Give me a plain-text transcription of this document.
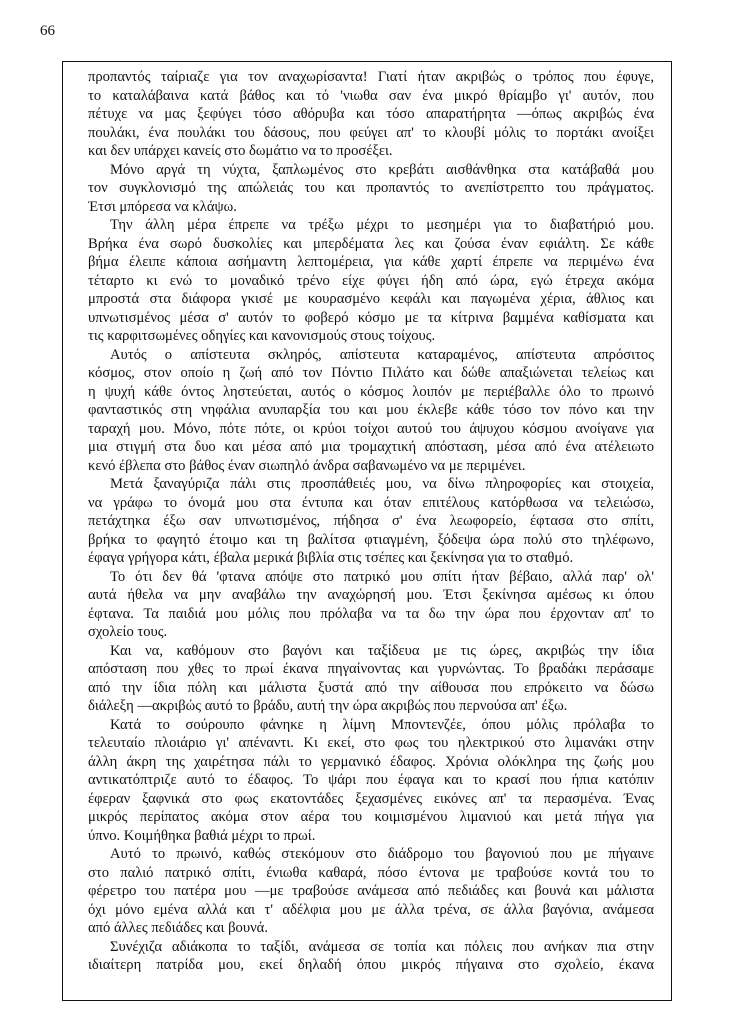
66
προπαντός ταίριαζε για τον αναχωρίσαντα! Γιατί ήταν ακριβώς ο τρόπος που έφυγε,
το καταλάβαινα κατά βάθος και τό 'νιωθα σαν ένα μικρό θρίαμβο γι' αυτόν, που
πέτυχε να μας ξεφύγει τόσο αθόρυβα και τόσο απαρατήρητα —όπως ακριβώς ένα
πουλάκι, ένα πουλάκι του δάσους, που φεύγει απ' το κλουβί μόλις το πορτάκι ανοίξει
και δεν υπάρχει κανείς στο δωμάτιο να το προσέξει.
Μόνο αργά τη νύχτα, ξαπλωμένος στο κρεβάτι αισθάνθηκα στα κατάβαθά μου
τον συγκλονισμό της απώλειάς του και προπαντός το ανεπίστρεπτο του πράγματος.
Έτσι μπόρεσα να κλάψω.
Την άλλη μέρα έπρεπε να τρέξω μέχρι το μεσημέρι για το διαβατήριό μου.
Βρήκα ένα σωρό δυσκολίες και μπερδέματα λες και ζούσα έναν εφιάλτη. Σε κάθε
βήμα έλειπε κάποια ασήμαντη λεπτομέρεια, για κάθε χαρτί έπρεπε να περιμένω ένα
τέταρτο κι ενώ το μοναδικό τρένο είχε φύγει ήδη από ώρα, εγώ έτρεχα ακόμα
μπροστά στα διάφορα γκισέ με κουρασμένο κεφάλι και παγωμένα χέρια, άθλιος και
υπνωτισμένος μέσα σ' αυτόν το φοβερό κόσμο με τα κίτρινα βαμμένα καθίσματα και
τις καρφιτσωμένες οδηγίες και κανονισμούς στους τοίχους.
Αυτός ο απίστευτα σκληρός, απίστευτα καταραμένος, απίστευτα απρόσιτος
κόσμος, στον οποίο η ζωή από τον Πόντιο Πιλάτο και δώθε απαξιώνεται τελείως και
η ψυχή κάθε όντος ληστεύεται, αυτός ο κόσμος λοιπόν με περιέβαλλε όλο το πρωινό
φανταστικός στη νηφάλια ανυπαρξία του και μου έκλεβε κάθε τόσο τον πόνο και την
ταραχή μου. Μόνο, πότε πότε, οι κρύοι τοίχοι αυτού του άψυχου κόσμου ανοίγανε για
μια στιγμή στα δυο και μέσα από μια τρομαχτική απόσταση, μέσα από ένα ατέλειωτο
κενό έβλεπα στο βάθος έναν σιωπηλό άνδρα σαβανωμένο να με περιμένει.
Μετά ξαναγύριζα πάλι στις προσπάθειές μου, να δίνω πληροφορίες και στοιχεία,
να γράφω το όνομά μου στα έντυπα και όταν επιτέλους κατόρθωσα να τελειώσω,
πετάχτηκα έξω σαν υπνωτισμένος, πήδησα σ' ένα λεωφορείο, έφτασα στο σπίτι,
βρήκα το φαγητό έτοιμο και τη βαλίτσα φτιαγμένη, ξόδεψα ώρα πολύ στο τηλέφωνο,
έφαγα γρήγορα κάτι, έβαλα μερικά βιβλία στις τσέπες και ξεκίνησα για το σταθμό.
Το ότι δεν θά 'φτανα απόψε στο πατρικό μου σπίτι ήταν βέβαιο, αλλά παρ' ολ'
αυτά ήθελα να μην αναβάλω την αναχώρησή μου. Έτσι ξεκίνησα αμέσως κι όπου
έφτανα. Τα παιδιά μου μόλις που πρόλαβα να τα δω την ώρα που έρχονταν απ' το
σχολείο τους.
Και να, καθόμουν στο βαγόνι και ταξίδευα με τις ώρες, ακριβώς την ίδια
απόσταση που χθες το πρωί έκανα πηγαίνοντας και γυρνώντας. Το βραδάκι περάσαμε
από την ίδια πόλη και μάλιστα ξυστά από την αίθουσα που επρόκειτο να δώσω
διάλεξη —ακριβώς αυτό το βράδυ, αυτή την ώρα ακριβώς που περνούσα απ' έξω.
Κατά το σούρουπο φάνηκε η λίμνη Μποντενζέε, όπου μόλις πρόλαβα το
τελευταίο πλοιάριο γι' απέναντι. Κι εκεί, στο φως του ηλεκτρικού στο λιμανάκι στην
άλλη άκρη της χαιρέτησα πάλι το γερμανικό έδαφος. Χρόνια ολόκληρα της ζωής μου
αντικατόπτριζε αυτό το έδαφος. Το ψάρι που έφαγα και το κρασί που ήπια κατόπιν
έφεραν ξαφνικά στο φως εκατοντάδες ξεχασμένες εικόνες απ' τα περασμένα. Ένας
μικρός περίπατος ακόμα στον αέρα του κοιμισμένου λιμανιού και μετά πήγα για
ύπνο. Κοιμήθηκα βαθιά μέχρι το πρωί.
Αυτό το πρωινό, καθώς στεκόμουν στο διάδρομο του βαγονιού που με πήγαινε
στο παλιό πατρικό σπίτι, ένιωθα καθαρά, πόσο έντονα με τραβούσε κοντά του το
φέρετρο του πατέρα μου —με τραβούσε ανάμεσα από πεδιάδες και βουνά και μάλιστα
όχι μόνο εμένα αλλά και τ' αδέλφια μου με άλλα τρένα, σε άλλα βαγόνια, ανάμεσα
από άλλες πεδιάδες και βουνά.
Συνέχιζα αδιάκοπα το ταξίδι, ανάμεσα σε τοπία και πόλεις που ανήκαν πια στην
ιδιαίτερη πατρίδα μου, εκεί δηλαδή όπου μικρός πήγαινα στο σχολείο, έκανα
